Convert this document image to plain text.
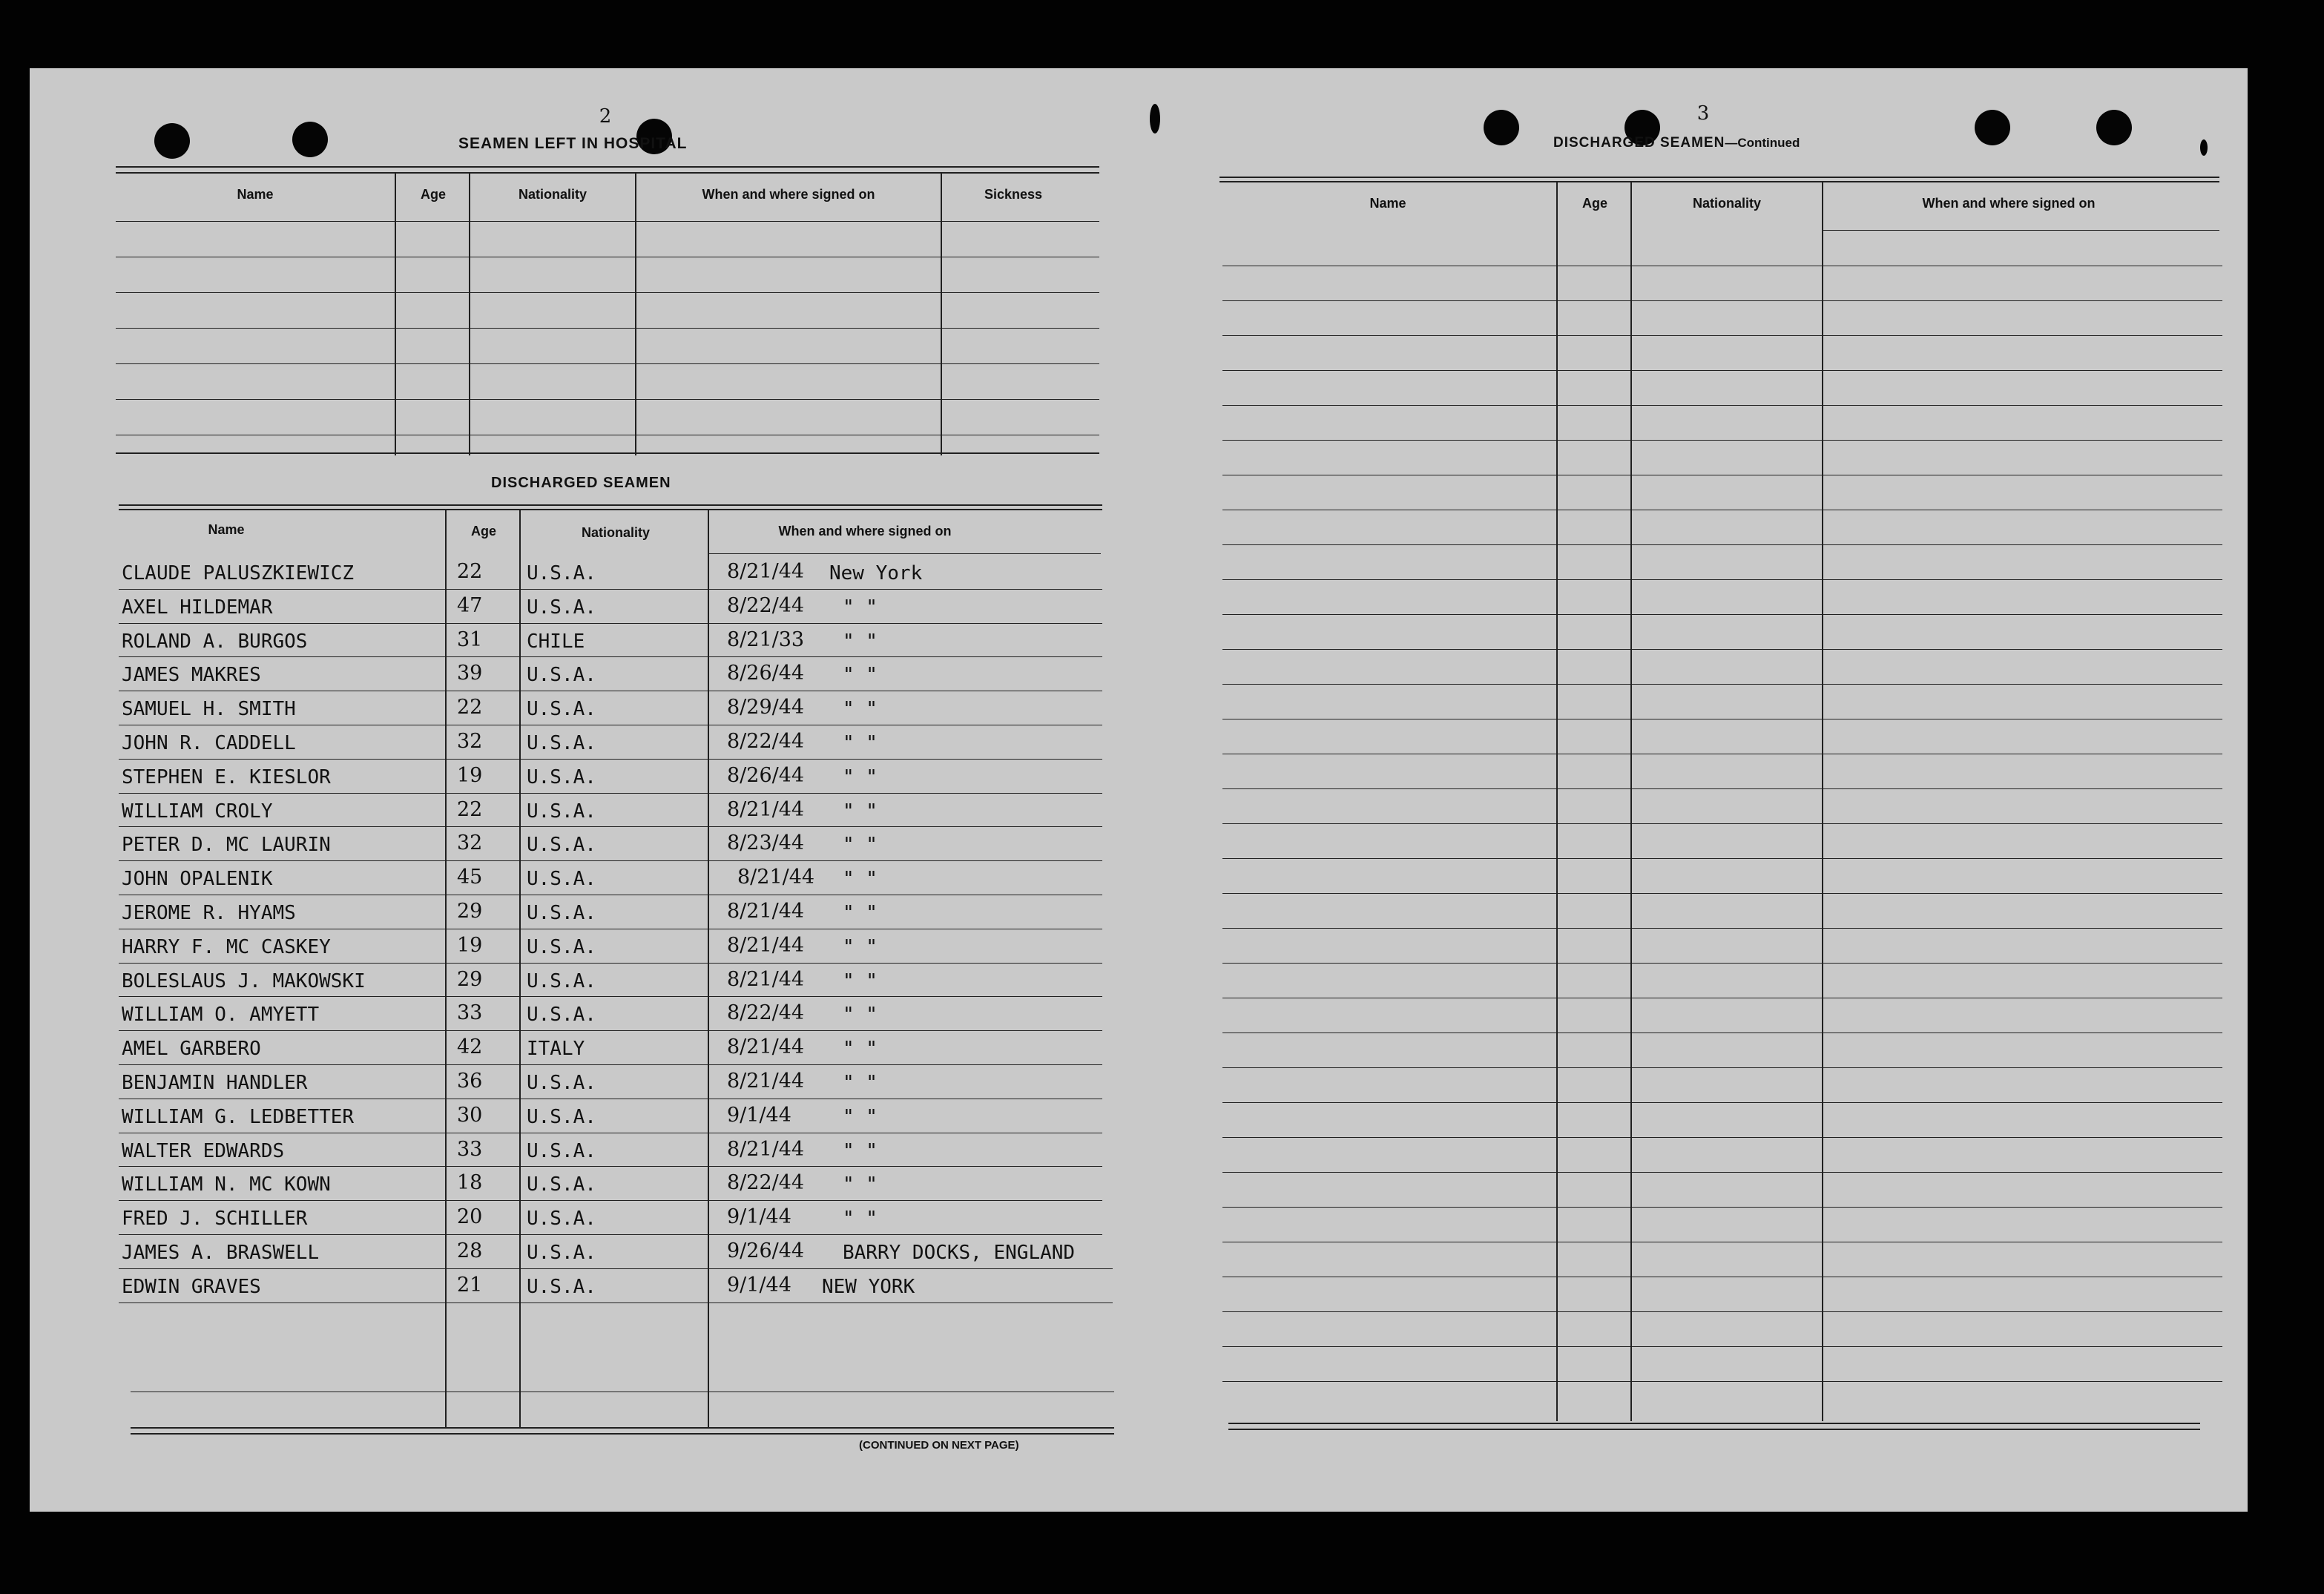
2
SEAMEN LEFT IN HOSPITAL
Name	Age	Nationality	When and where signed on	Sickness
DISCHARGED SEAMEN
Name	Age	Nationality	When and where signed on
CLAUDE PALUSZKIEWICZ	22 U.S.A.	8/21/44 New York
AXEL HILDEMAR	47 U.S.A.	8/22/44 " "
ROLAND A. BURGOS	31 CHILE	8/21/33 " "
JAMES MAKRES	39 U.S.A.	8/26/44 " "
SAMUEL H. SMITH	22 U.S.A.	8/29/44 " "
JOHN R. CADDELL	32 U.S.A.	8/22/44 " "
STEPHEN E. KIESLOR	19 U.S.A.	8/26/44 " "
WILLIAM CROLY	22 U.S.A.	8/21/44 " "
PETER D. MC LAURIN	32 U.S.A.	8/23/44 " "
JOHN OPALENIK	45 U.S.A.	8/21/44 " "
JEROME R. HYAMS	29 U.S.A.	8/21/44 " "
HARRY F. MC CASKEY	19 U.S.A.	8/21/44 " "
BOLESLAUS J. MAKOWSKI	29 U.S.A.	8/21/44 " "
WILLIAM O. AMYETT	33 U.S.A.	8/22/44 " "
AMEL GARBERO	42 ITALY	8/21/44 " "
BENJAMIN HANDLER	36 U.S.A.	8/21/44 " "
WILLIAM G. LEDBETTER	30 U.S.A.	9/1/44	" "
WALTER EDWARDS	33 U.S.A.	8/21/44 " "
WILLIAM N. MC KOWN	18 U.S.A.	8/22/44 " "
FRED J. SCHILLER	20 U.S.A.	9/1/44	" "
JAMES A. BRASWELL	28 U.S.A.	9/26/44 BARRY DOCKS, ENGLAND
EDWIN GRAVES	21 U.S.A.	9/1/44 NEW YORK
(CONTINUED ON NEXT PAGE)
3
DISCHARGED SEAMEN—Continued
Name	Age	Nationality	When and where signed on
